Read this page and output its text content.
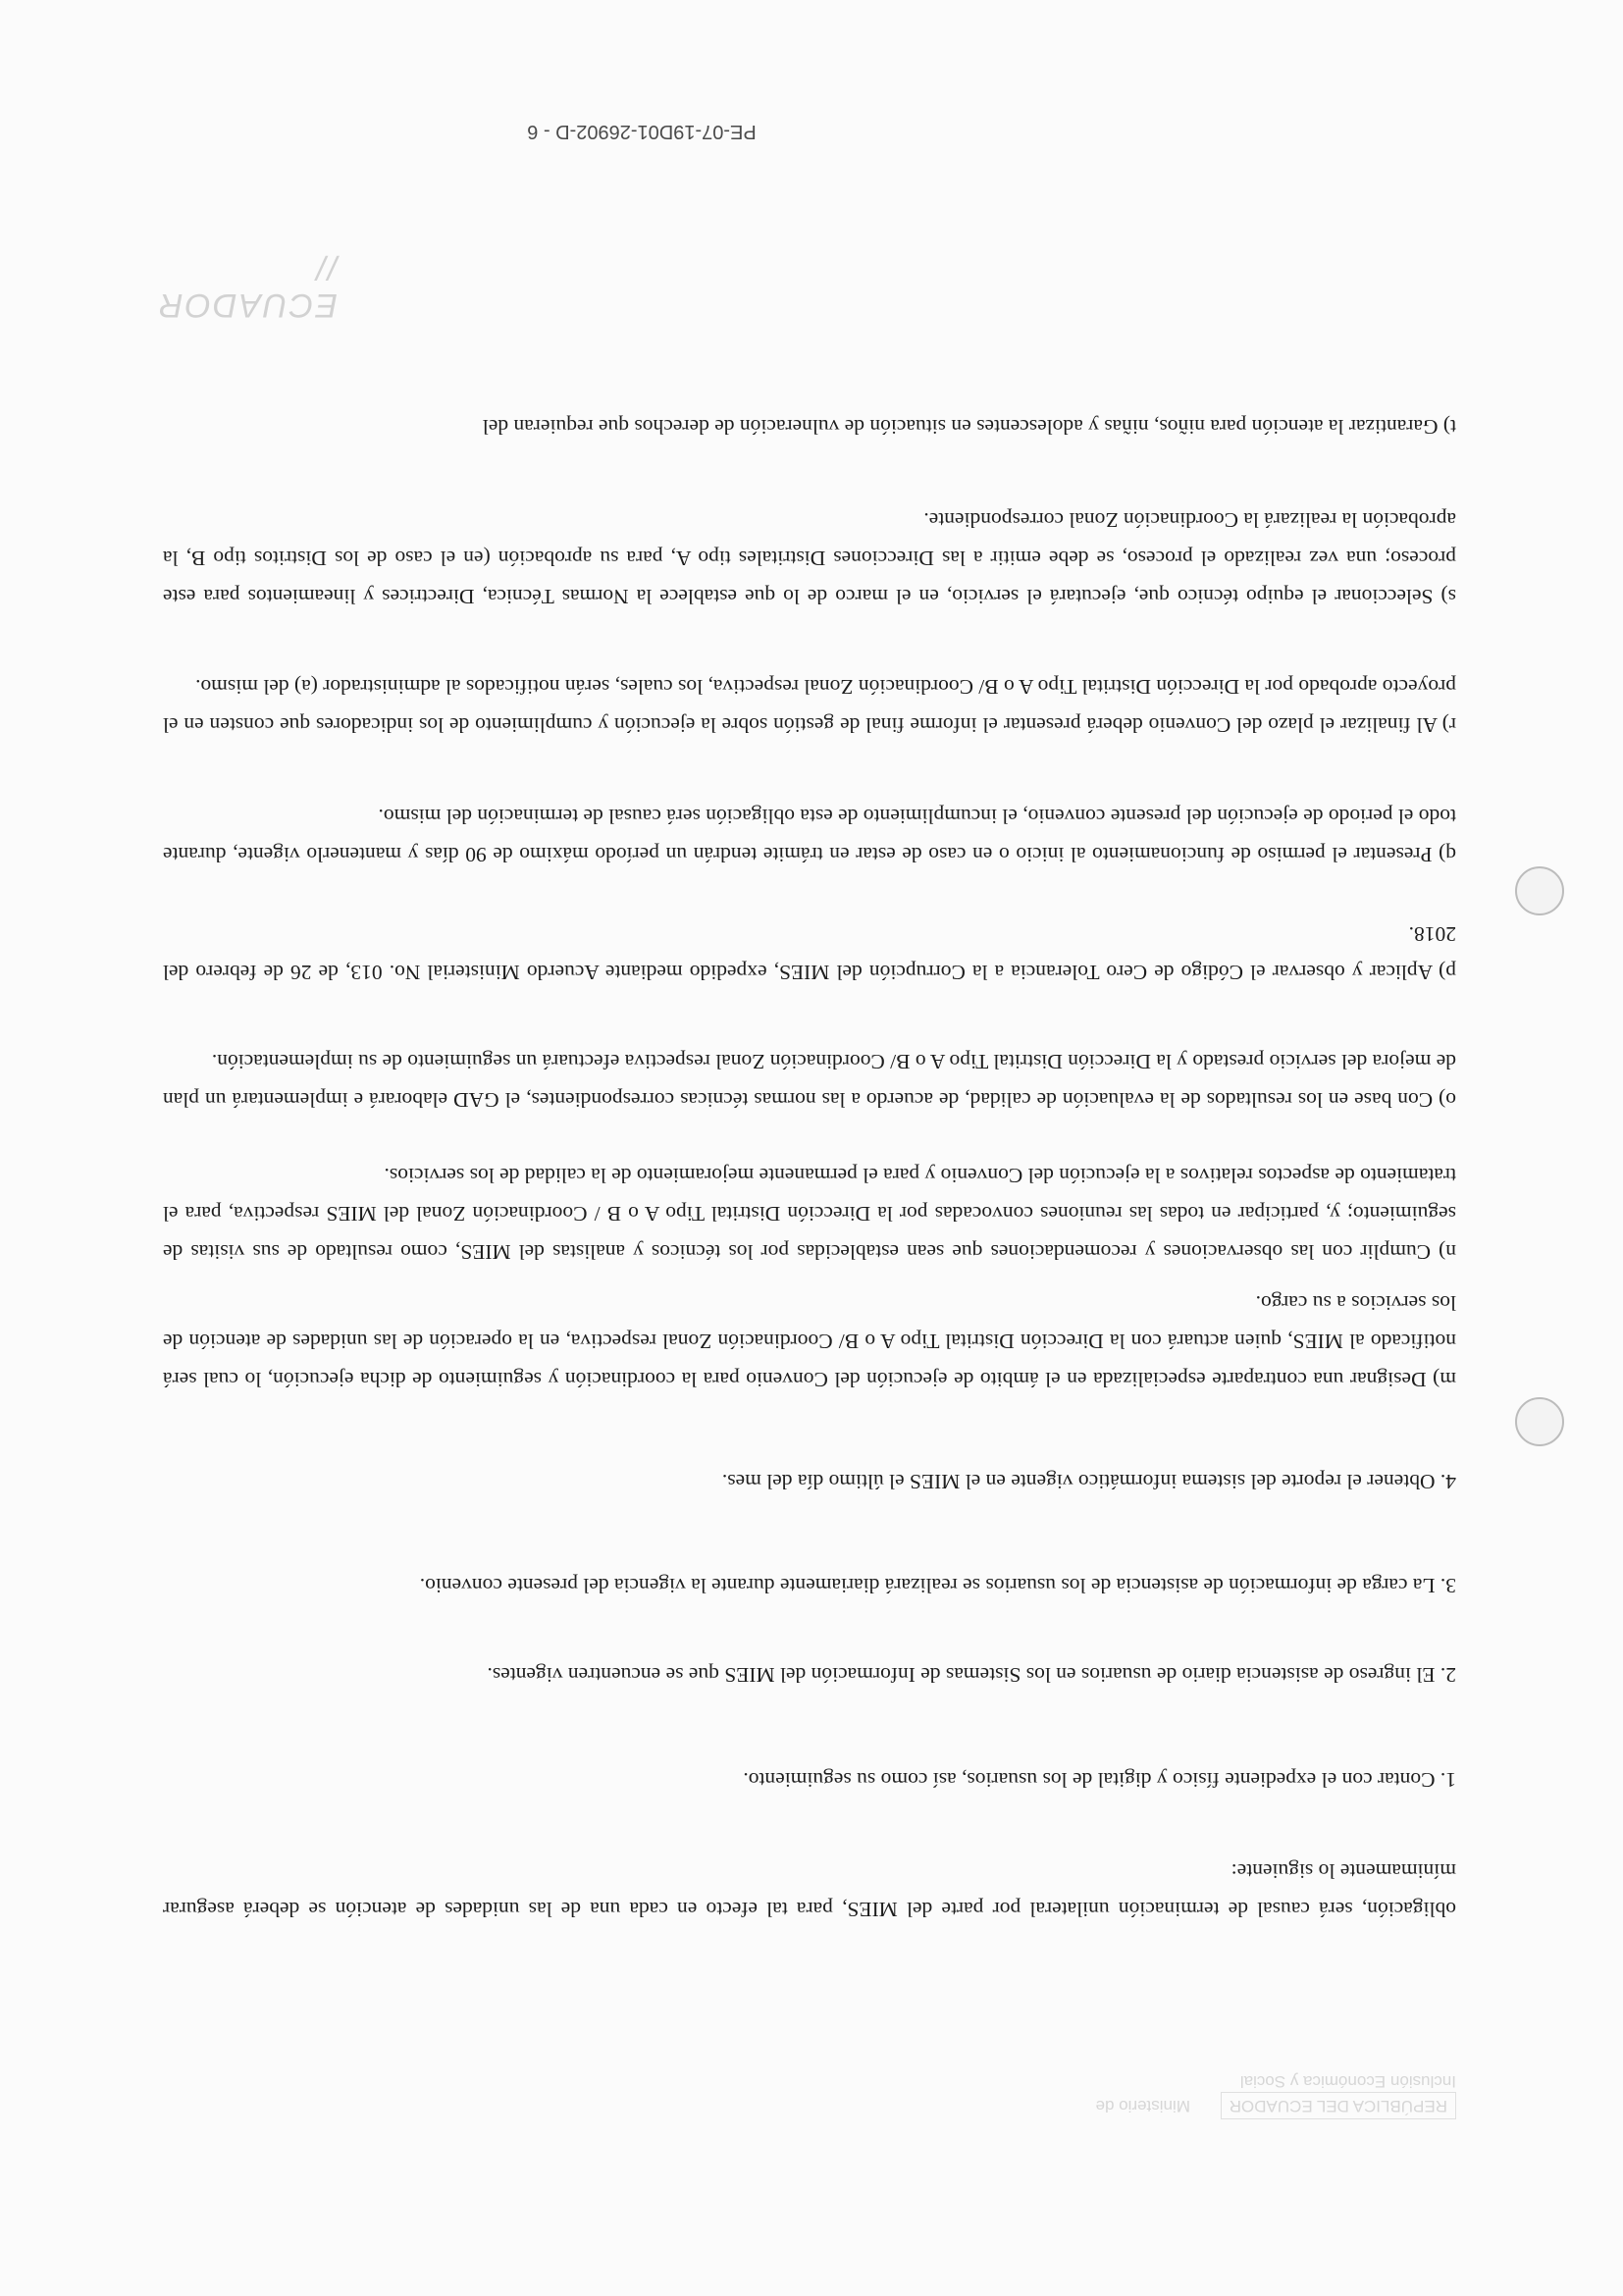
PE-07-19D01-26902-D - 6
ECUADOR //
REPÚBLICA DEL ECUADOR Ministerio de Inclusión Económica y Social

t) Garantizar la atención para niños, niñas y adolescentes en situación de vulneración de derechos que requieran del

s) Seleccionar el equipo técnico que, ejecutará el servicio, en el marco de lo que establece la Normas Técnica, Directrices y lineamientos para este proceso; una vez realizado el proceso, se debe emitir a las Direcciones Distritales tipo A, para su aprobación (en el caso de los Distritos tipo B, la aprobación la realizará la Coordinación Zonal correspondiente.

r) Al finalizar el plazo del Convenio deberá presentar el informe final de gestión sobre la ejecución y cumplimiento de los indicadores que consten en el proyecto aprobado por la Dirección Distrital Tipo A o B/ Coordinación Zonal respectiva, los cuales, serán notificados al administrador (a) del mismo.

q) Presentar el permiso de funcionamiento al inicio o en caso de estar en trámite tendrán un período máximo de 90 días y mantenerlo vigente, durante todo el periodo de ejecución del presente convenio, el incumplimiento de esta obligación será causal de terminación del mismo.

p) Aplicar y observar el Código de Cero Tolerancia a la Corrupción del MIES, expedido mediante Acuerdo Ministerial No. 013, de 26 de febrero del 2018.

o) Con base en los resultados de la evaluación de calidad, de acuerdo a las normas técnicas correspondientes, el GAD elaborará e implementará un plan de mejora del servicio prestado y la Dirección Distrital Tipo A o B/ Coordinación Zonal respectiva efectuará un seguimiento de su implementación.

n) Cumplir con las observaciones y recomendaciones que sean establecidas por los técnicos y analistas del MIES, como resultado de sus visitas de seguimiento; y, participar en todas las reuniones convocadas por la Dirección Distrital Tipo A o B / Coordinación Zonal del MIES respectiva, para el tratamiento de aspectos relativos a la ejecución del Convenio y para el permanente mejoramiento de la calidad de los servicios.

m) Designar una contraparte especializada en el ámbito de ejecución del Convenio para la coordinación y seguimiento de dicha ejecución, lo cual será notificado al MIES, quien actuará con la Dirección Distrital Tipo A o B/ Coordinación Zonal respectiva, en la operación de las unidades de atención de los servicios a su cargo.

4. Obtener el reporte del sistema informático vigente en el MIES el último día del mes.

3. La carga de información de asistencia de los usuarios se realizará diariamente durante la vigencia del presente convenio.

2. El ingreso de asistencia diario de usuarios en los Sistemas de Información del MIES que se encuentren vigentes.

1. Contar con el expediente físico y digital de los usuarios, así como su seguimiento.

obligación, será causal de terminación unilateral por parte del MIES, para tal efecto en cada una de las unidades de atención se deberá asegurar mínimamente lo siguiente:
